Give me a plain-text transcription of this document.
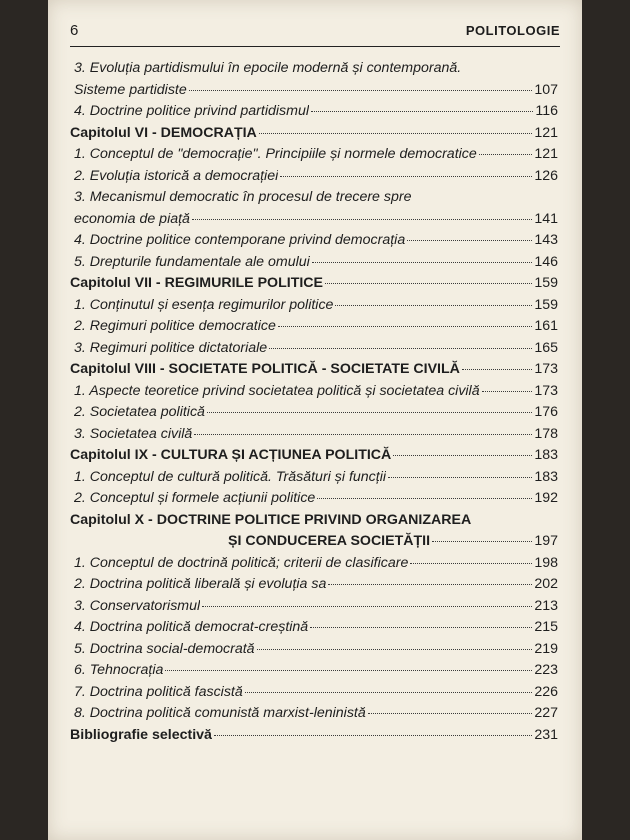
6	POLITOLOGIE
3. Evoluția partidismului în epocile modernă și contemporană.
Sisteme partidiste	107
4. Doctrine politice privind partidismul	116
Capitolul VI - DEMOCRAȚIA	121
1. Conceptul de "democrație". Principiile și normele democratice	121
2. Evoluția istorică a democrației	126
3. Mecanismul democratic în procesul de trecere spre
economia de piață	141
4. Doctrine politice contemporane privind democrația	143
5. Drepturile fundamentale ale omului	146
Capitolul VII - REGIMURILE POLITICE	159
1. Conținutul și esența regimurilor politice	159
2. Regimuri politice democratice	161
3. Regimuri politice dictatoriale	165
Capitolul VIII - SOCIETATE POLITICĂ - SOCIETATE CIVILĂ	173
1. Aspecte teoretice privind societatea politică și societatea civilă	173
2. Societatea politică	176
3. Societatea civilă	178
Capitolul IX - CULTURA ȘI ACȚIUNEA POLITICĂ	183
1. Conceptul de cultură politică. Trăsături și funcții	183
2. Conceptul și formele acțiunii politice	192
Capitolul X - DOCTRINE POLITICE PRIVIND ORGANIZAREA
ȘI CONDUCEREA SOCIETĂȚII	197
1. Conceptul de doctrină politică; criterii de clasificare	198
2. Doctrina politică liberală și evoluția sa	202
3. Conservatorismul	213
4. Doctrina politică democrat-creștină	215
5. Doctrina social-democrată	219
6. Tehnocrația	223
7. Doctrina politică fascistă	226
8. Doctrina politică comunistă marxist-leninistă	227
Bibliografie selectivă	231
